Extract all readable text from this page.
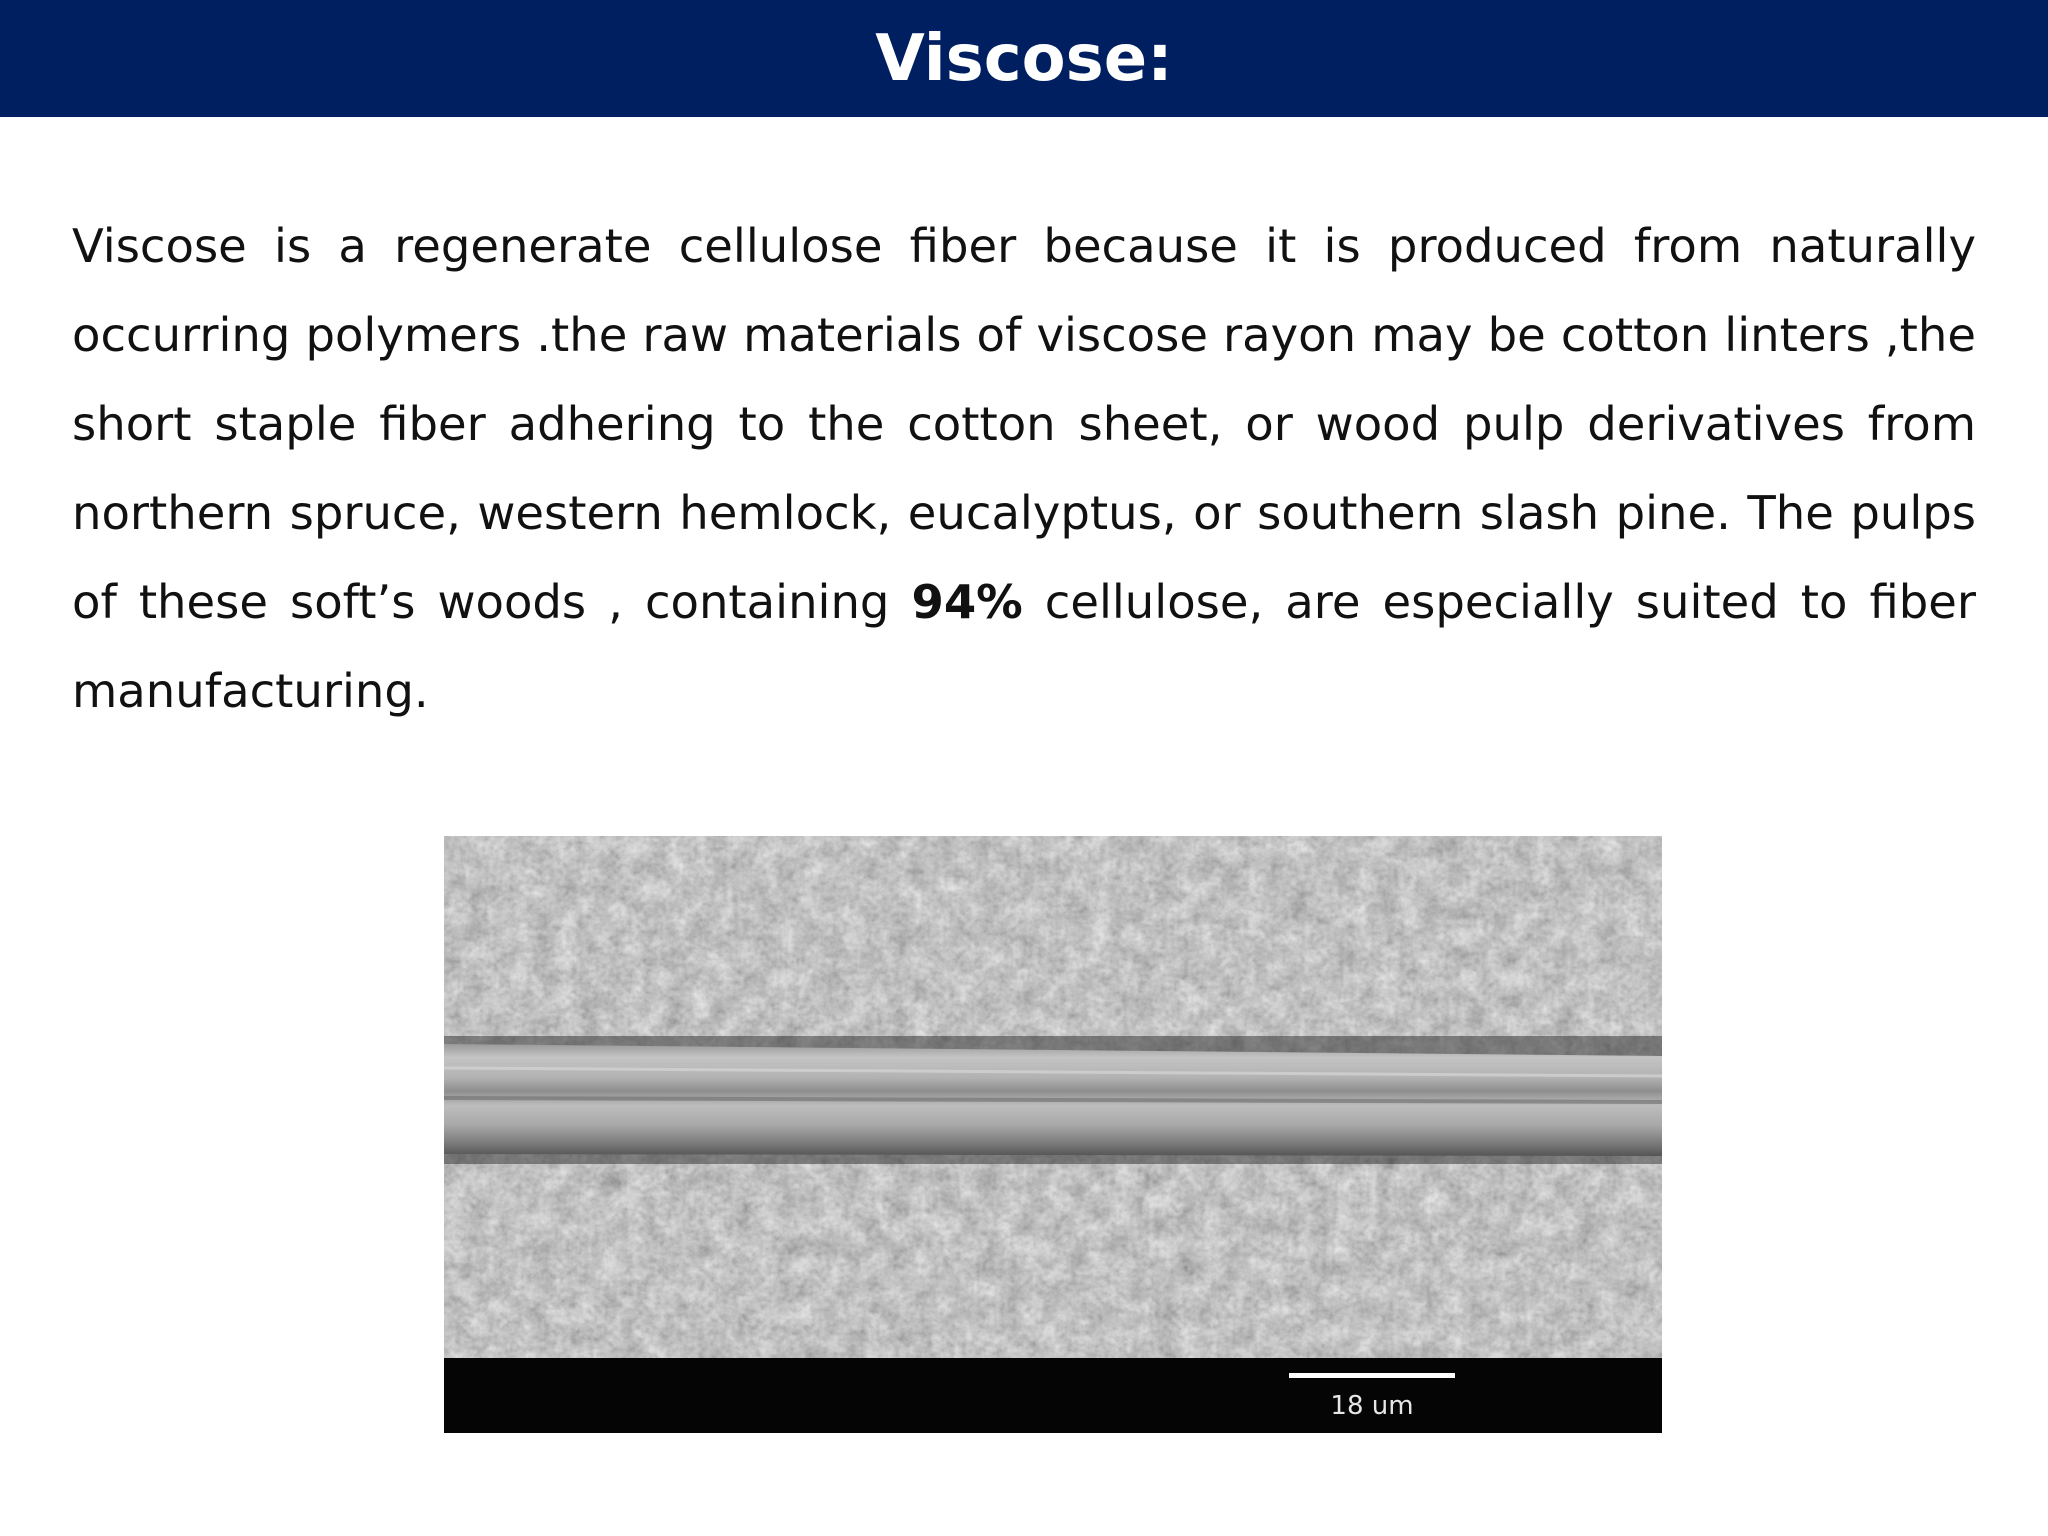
Viscose:

Viscose is a regenerate cellulose fiber because it is produced from naturally occurring polymers .the raw materials of viscose rayon may be cotton linters ,the short staple fiber adhering to the cotton sheet, or wood pulp derivatives from northern spruce, western hemlock, eucalyptus, or southern slash pine. The pulps of these soft’s woods , containing 94% cellulose, are especially suited to fiber manufacturing.

18 um
